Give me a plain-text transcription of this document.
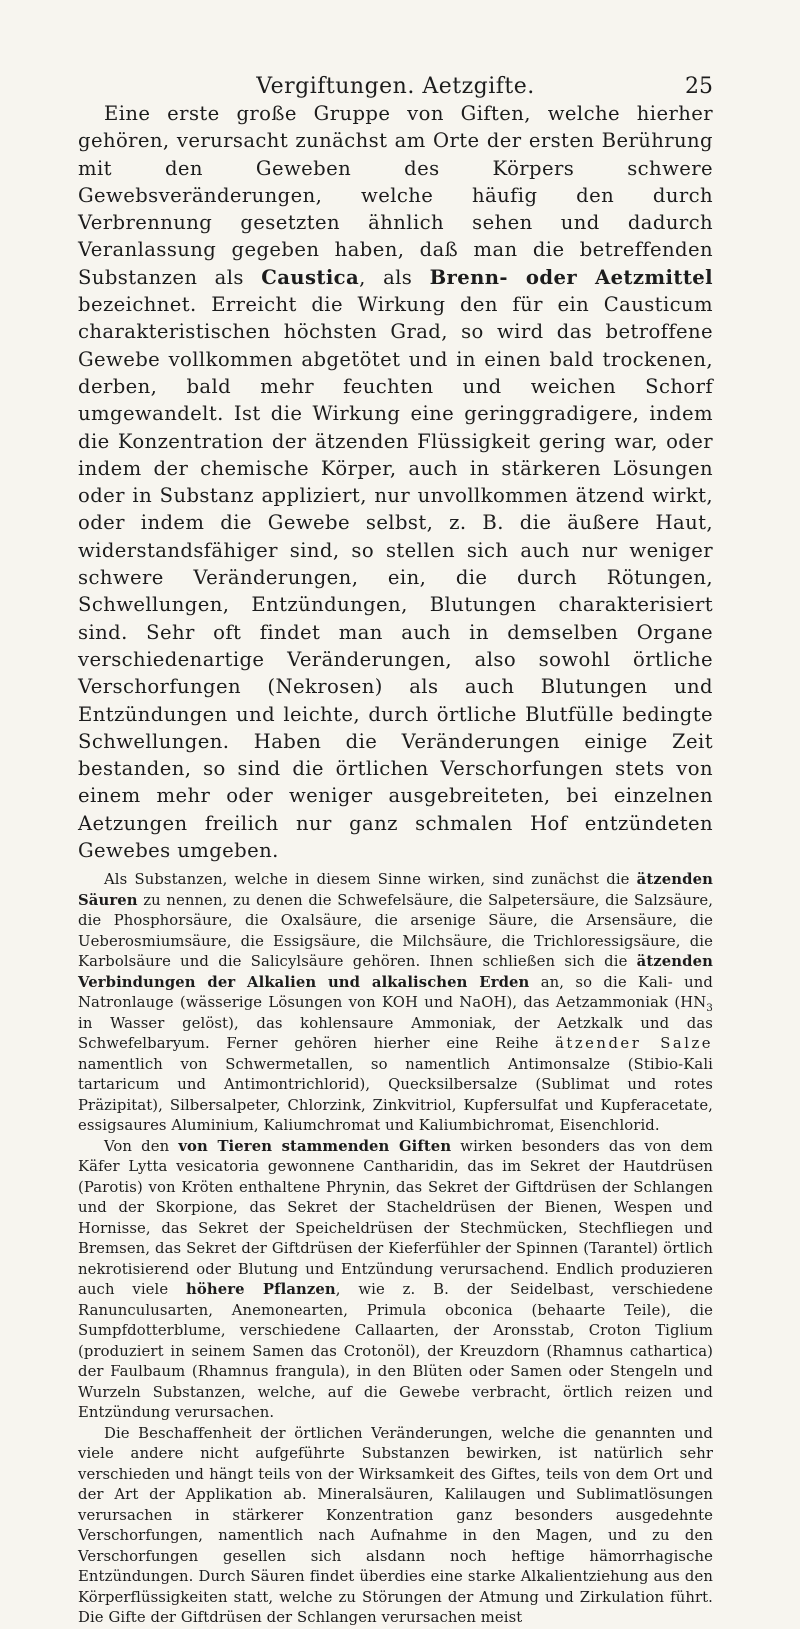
Vergiftungen. Aetzgifte.	25

Eine erste große Gruppe von Giften, welche hierher gehören, verursacht zunächst am Orte der ersten Berührung mit den Geweben des Körpers schwere Gewebsveränderungen, welche häufig den durch Verbrennung gesetzten ähnlich sehen und dadurch Veranlassung gegeben haben, daß man die betreffenden Substanzen als Caustica, als Brenn- oder Aetzmittel bezeichnet. Erreicht die Wirkung den für ein Causticum charakteristischen höchsten Grad, so wird das betroffene Gewebe vollkommen abgetötet und in einen bald trockenen, derben, bald mehr feuchten und weichen Schorf umgewandelt. Ist die Wirkung eine geringgradigere, indem die Konzentration der ätzenden Flüssigkeit gering war, oder indem der chemische Körper, auch in stärkeren Lösungen oder in Substanz appliziert, nur unvollkommen ätzend wirkt, oder indem die Gewebe selbst, z. B. die äußere Haut, widerstandsfähiger sind, so stellen sich auch nur weniger schwere Veränderungen, ein, die durch Rötungen, Schwellungen, Entzündungen, Blutungen charakterisiert sind. Sehr oft findet man auch in demselben Organe verschiedenartige Veränderungen, also sowohl örtliche Verschorfungen (Nekrosen) als auch Blutungen und Entzündungen und leichte, durch örtliche Blutfülle bedingte Schwellungen. Haben die Veränderungen einige Zeit bestanden, so sind die örtlichen Verschorfungen stets von einem mehr oder weniger ausgebreiteten, bei einzelnen Aetzungen freilich nur ganz schmalen Hof entzündeten Gewebes umgeben.

Als Substanzen, welche in diesem Sinne wirken, sind zunächst die ätzenden Säuren zu nennen, zu denen die Schwefelsäure, die Salpetersäure, die Salzsäure, die Phosphorsäure, die Oxalsäure, die arsenige Säure, die Arsensäure, die Ueberosmiumsäure, die Essigsäure, die Milchsäure, die Trichloressigsäure, die Karbolsäure und die Salicylsäure gehören. Ihnen schließen sich die ätzenden Verbindungen der Alkalien und alkalischen Erden an, so die Kali- und Natronlauge (wässerige Lösungen von KOH und NaOH), das Aetzammoniak ($HN_3$ in Wasser gelöst), das kohlensaure Ammoniak, der Aetzkalk und das Schwefelbaryum. Ferner gehören hierher eine Reihe ätzender Salze namentlich von Schwermetallen, so namentlich Antimonsalze (Stibio-Kali tartaricum und Antimontrichlorid), Quecksilbersalze (Sublimat und rotes Präzipitat), Silbersalpeter, Chlorzink, Zinkvitriol, Kupfersulfat und Kupferacetate, essigsaures Aluminium, Kaliumchromat und Kaliumbichromat, Eisenchlorid.

Von den von Tieren stammenden Giften wirken besonders das von dem Käfer Lytta vesicatoria gewonnene Cantharidin, das im Sekret der Hautdrüsen (Parotis) von Kröten enthaltene Phrynin, das Sekret der Giftdrüsen der Schlangen und der Skorpione, das Sekret der Stacheldrüsen der Bienen, Wespen und Hornisse, das Sekret der Speicheldrüsen der Stechmücken, Stechfliegen und Bremsen, das Sekret der Giftdrüsen der Kieferfühler der Spinnen (Tarantel) örtlich nekrotisierend oder Blutung und Entzündung verursachend. Endlich produzieren auch viele höhere Pflanzen, wie z. B. der Seidelbast, verschiedene Ranunculusarten, Anemonearten, Primula obconica (behaarte Teile), die Sumpfdotterblume, verschiedene Callaarten, der Aronsstab, Croton Tiglium (produziert in seinem Samen das Crotonöl), der Kreuzdorn (Rhamnus cathartica) der Faulbaum (Rhamnus frangula), in den Blüten oder Samen oder Stengeln und Wurzeln Substanzen, welche, auf die Gewebe verbracht, örtlich reizen und Entzündung verursachen.

Die Beschaffenheit der örtlichen Veränderungen, welche die genannten und viele andere nicht aufgeführte Substanzen bewirken, ist natürlich sehr verschieden und hängt teils von der Wirksamkeit des Giftes, teils von dem Ort und der Art der Applikation ab. Mineralsäuren, Kalilaugen und Sublimatlösungen verursachen in stärkerer Konzentration ganz besonders ausgedehnte Verschorfungen, namentlich nach Aufnahme in den Magen, und zu den Verschorfungen gesellen sich alsdann noch heftige hämorrhagische Entzündungen. Durch Säuren findet überdies eine starke Alkalientziehung aus den Körperflüssigkeiten statt, welche zu Störungen der Atmung und Zirkulation führt. Die Gifte der Giftdrüsen der Schlangen verursachen meist
